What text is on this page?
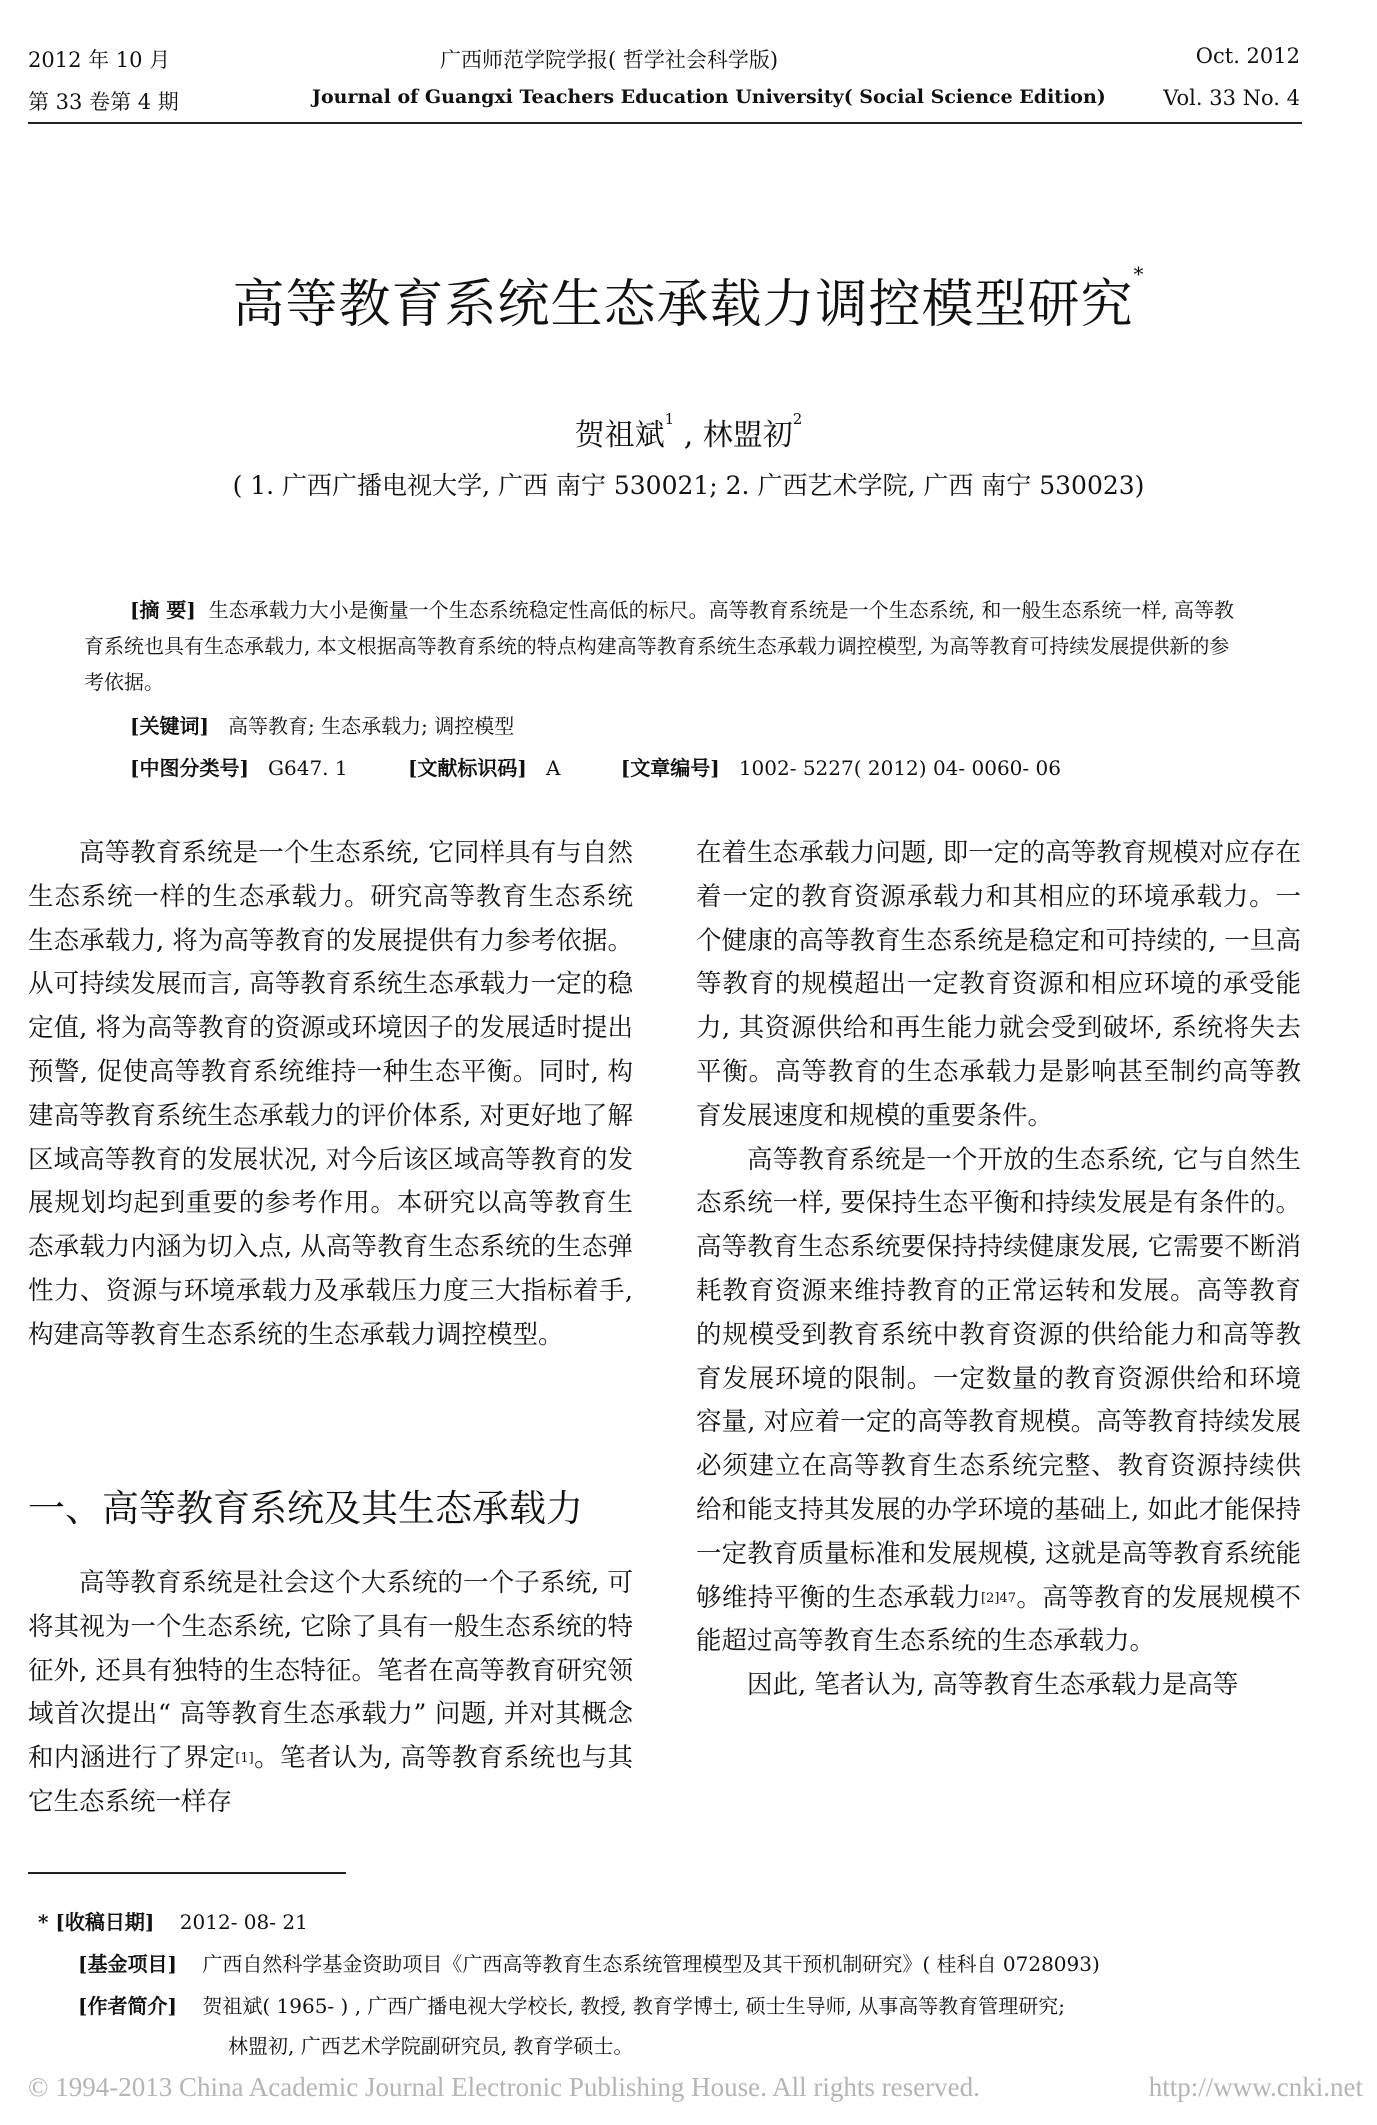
2012 年 10 月
第 33 卷第 4 期
广西师范学院学报( 哲学社会科学版)
Journal of Guangxi Teachers Education University( Social Science Edition)
Oct. 2012
Vol. 33 No. 4
高等教育系统生态承载力调控模型研究*
贺祖斌$^1$ , 林盟初$^2$
( 1. 广西广播电视大学, 广西 南宁 530021; 2. 广西艺术学院, 广西 南宁 530023)
[摘 要] 生态承载力大小是衡量一个生态系统稳定性高低的标尺。高等教育系统是一个生态系统, 和一般生态系统一样, 高等教育系统也具有生态承载力, 本文根据高等教育系统的特点构建高等教育系统生态承载力调控模型, 为高等教育可持续发展提供新的参考依据。
[关键词] 高等教育; 生态承载力; 调控模型
[中图分类号] G647. 1	[文献标识码] A	[文章编号] 1002- 5227( 2012) 04- 0060- 06

高等教育系统是一个生态系统, 它同样具有与自然生态系统一样的生态承载力。研究高等教育生态系统生态承载力, 将为高等教育的发展提供有力参考依据。从可持续发展而言, 高等教育系统生态承载力一定的稳定值, 将为高等教育的资源或环境因子的发展适时提出预警, 促使高等教育系统维持一种生态平衡。同时, 构建高等教育系统生态承载力的评价体系, 对更好地了解区域高等教育的发展状况, 对今后该区域高等教育的发展规划均起到重要的参考作用。本研究以高等教育生态承载力内涵为切入点, 从高等教育生态系统的生态弹性力、资源与环境承载力及承载压力度三大指标着手, 构建高等教育生态系统的生态承载力调控模型。

一、高等教育系统及其生态承载力

高等教育系统是社会这个大系统的一个子系统, 可将其视为一个生态系统, 它除了具有一般生态系统的特征外, 还具有独特的生态特征。笔者在高等教育研究领域首次提出“ 高等教育生态承载力” 问题, 并对其概念和内涵进行了界定[1]。笔者认为, 高等教育系统也与其它生态系统一样存

在着生态承载力问题, 即一定的高等教育规模对应存在着一定的教育资源承载力和其相应的环境承载力。一个健康的高等教育生态系统是稳定和可持续的, 一旦高等教育的规模超出一定教育资源和相应环境的承受能力, 其资源供给和再生能力就会受到破坏, 系统将失去平衡。高等教育的生态承载力是影响甚至制约高等教育发展速度和规模的重要条件。

高等教育系统是一个开放的生态系统, 它与自然生态系统一样, 要保持生态平衡和持续发展是有条件的。高等教育生态系统要保持持续健康发展, 它需要不断消耗教育资源来维持教育的正常运转和发展。高等教育的规模受到教育系统中教育资源的供给能力和高等教育发展环境的限制。一定数量的教育资源供给和环境容量, 对应着一定的高等教育规模。高等教育持续发展必须建立在高等教育生态系统完整、教育资源持续供给和能支持其发展的办学环境的基础上, 如此才能保持一定教育质量标准和发展规模, 这就是高等教育系统能够维持平衡的生态承载力$^{[2]47}$。高等教育的发展规模不能超过高等教育生态系统的生态承载力。

因此, 笔者认为, 高等教育生态承载力是高等

* [收稿日期] 2012- 08- 21
[基金项目] 广西自然科学基金资助项目《广西高等教育生态系统管理模型及其干预机制研究》( 桂科自 0728093)
[作者简介] 贺祖斌( 1965- ) , 广西广播电视大学校长, 教授, 教育学博士, 硕士生导师, 从事高等教育管理研究;
林盟初, 广西艺术学院副研究员, 教育学硕士。
© 1994-2013 China Academic Journal Electronic Publishing House. All rights reserved.	http://www.cnki.net
